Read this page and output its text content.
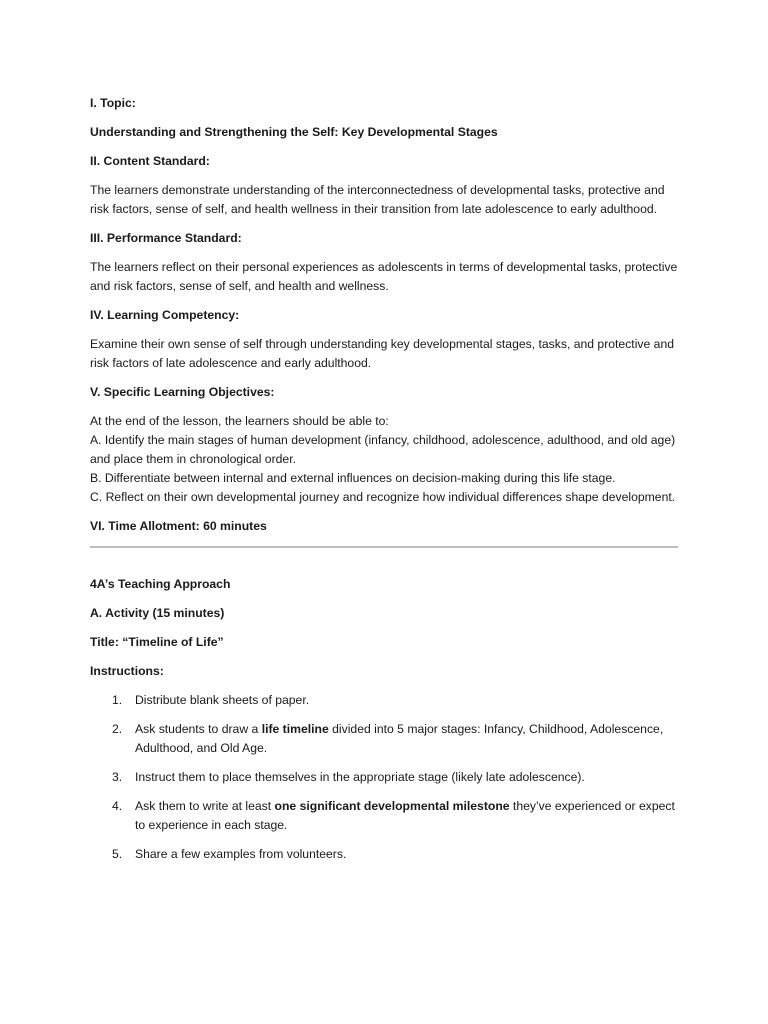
I. Topic:

Understanding and Strengthening the Self: Key Developmental Stages

II. Content Standard:

The learners demonstrate understanding of the interconnectedness of developmental tasks, protective and risk factors, sense of self, and health wellness in their transition from late adolescence to early adulthood.

III. Performance Standard:

The learners reflect on their personal experiences as adolescents in terms of developmental tasks, protective and risk factors, sense of self, and health and wellness.

IV. Learning Competency:

Examine their own sense of self through understanding key developmental stages, tasks, and protective and risk factors of late adolescence and early adulthood.

V. Specific Learning Objectives:

At the end of the lesson, the learners should be able to:
A. Identify the main stages of human development (infancy, childhood, adolescence, adulthood, and old age) and place them in chronological order.
B. Differentiate between internal and external influences on decision-making during this life stage.
C. Reflect on their own developmental journey and recognize how individual differences shape development.

VI. Time Allotment: 60 minutes

4A’s Teaching Approach

A. Activity (15 minutes)

Title: “Timeline of Life”

Instructions:

1. Distribute blank sheets of paper.
2. Ask students to draw a life timeline divided into 5 major stages: Infancy, Childhood, Adolescence, Adulthood, and Old Age.
3. Instruct them to place themselves in the appropriate stage (likely late adolescence).
4. Ask them to write at least one significant developmental milestone they’ve experienced or expect to experience in each stage.
5. Share a few examples from volunteers.
